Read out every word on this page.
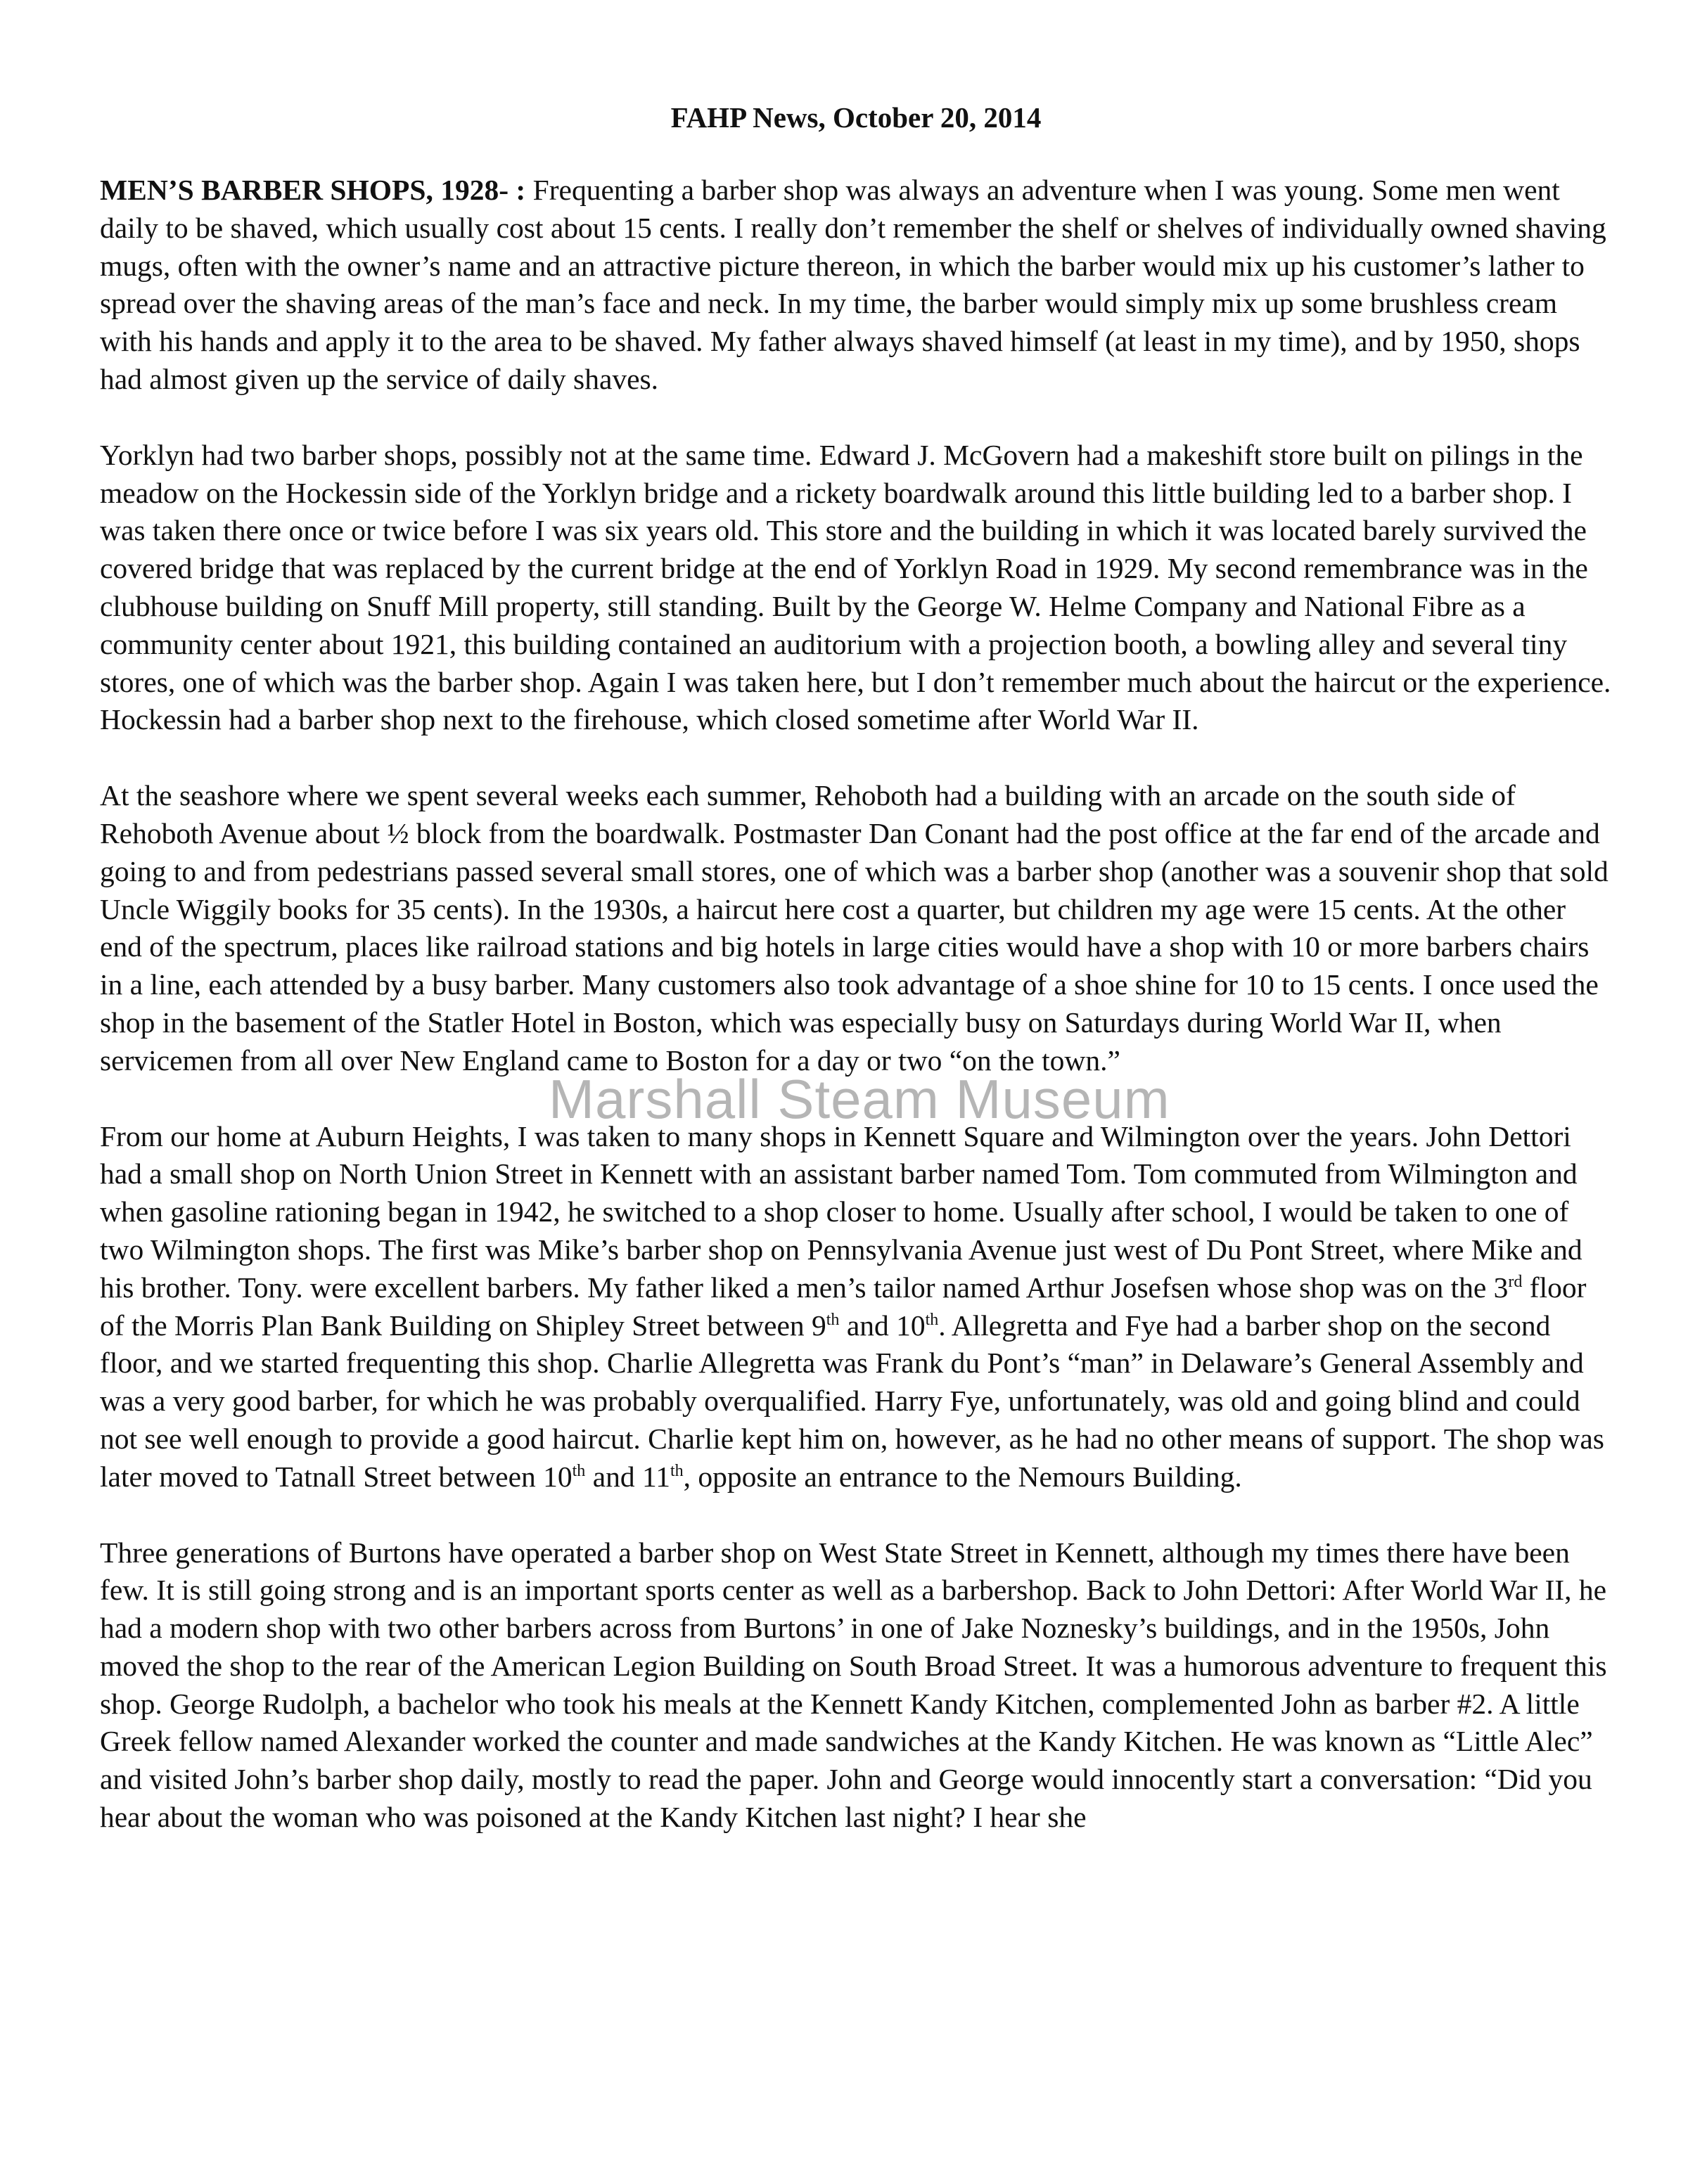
FAHP News, October 20, 2014

MEN’S BARBER SHOPS, 1928- : Frequenting a barber shop was always an adventure when I was young. Some men went daily to be shaved, which usually cost about 15 cents. I really don’t remember the shelf or shelves of individually owned shaving mugs, often with the owner’s name and an attractive picture thereon, in which the barber would mix up his customer’s lather to spread over the shaving areas of the man’s face and neck. In my time, the barber would simply mix up some brushless cream with his hands and apply it to the area to be shaved. My father always shaved himself (at least in my time), and by 1950, shops had almost given up the service of daily shaves.

Yorklyn had two barber shops, possibly not at the same time. Edward J. McGovern had a makeshift store built on pilings in the meadow on the Hockessin side of the Yorklyn bridge and a rickety boardwalk around this little building led to a barber shop. I was taken there once or twice before I was six years old. This store and the building in which it was located barely survived the covered bridge that was replaced by the current bridge at the end of Yorklyn Road in 1929. My second remembrance was in the clubhouse building on Snuff Mill property, still standing. Built by the George W. Helme Company and National Fibre as a community center about 1921, this building contained an auditorium with a projection booth, a bowling alley and several tiny stores, one of which was the barber shop. Again I was taken here, but I don’t remember much about the haircut or the experience. Hockessin had a barber shop next to the firehouse, which closed sometime after World War II.

At the seashore where we spent several weeks each summer, Rehoboth had a building with an arcade on the south side of Rehoboth Avenue about ½ block from the boardwalk. Postmaster Dan Conant had the post office at the far end of the arcade and going to and from pedestrians passed several small stores, one of which was a barber shop (another was a souvenir shop that sold Uncle Wiggily books for 35 cents). In the 1930s, a haircut here cost a quarter, but children my age were 15 cents. At the other end of the spectrum, places like railroad stations and big hotels in large cities would have a shop with 10 or more barbers chairs in a line, each attended by a busy barber. Many customers also took advantage of a shoe shine for 10 to 15 cents. I once used the shop in the basement of the Statler Hotel in Boston, which was especially busy on Saturdays during World War II, when servicemen from all over New England came to Boston for a day or two “on the town.”

From our home at Auburn Heights, I was taken to many shops in Kennett Square and Wilmington over the years. John Dettori had a small shop on North Union Street in Kennett with an assistant barber named Tom. Tom commuted from Wilmington and when gasoline rationing began in 1942, he switched to a shop closer to home. Usually after school, I would be taken to one of two Wilmington shops. The first was Mike’s barber shop on Pennsylvania Avenue just west of Du Pont Street, where Mike and his brother. Tony. were excellent barbers. My father liked a men’s tailor named Arthur Josefsen whose shop was on the 3rd floor of the Morris Plan Bank Building on Shipley Street between 9th and 10th. Allegretta and Fye had a barber shop on the second floor, and we started frequenting this shop. Charlie Allegretta was Frank du Pont’s “man” in Delaware’s General Assembly and was a very good barber, for which he was probably overqualified. Harry Fye, unfortunately, was old and going blind and could not see well enough to provide a good haircut. Charlie kept him on, however, as he had no other means of support. The shop was later moved to Tatnall Street between 10th and 11th, opposite an entrance to the Nemours Building.

Three generations of Burtons have operated a barber shop on West State Street in Kennett, although my times there have been few. It is still going strong and is an important sports center as well as a barbershop. Back to John Dettori: After World War II, he had a modern shop with two other barbers across from Burtons’ in one of Jake Noznesky’s buildings, and in the 1950s, John moved the shop to the rear of the American Legion Building on South Broad Street. It was a humorous adventure to frequent this shop. George Rudolph, a bachelor who took his meals at the Kennett Kandy Kitchen, complemented John as barber #2. A little Greek fellow named Alexander worked the counter and made sandwiches at the Kandy Kitchen. He was known as “Little Alec” and visited John’s barber shop daily, mostly to read the paper. John and George would innocently start a conversation: “Did you hear about the woman who was poisoned at the Kandy Kitchen last night? I hear she

Marshall Steam Museum
